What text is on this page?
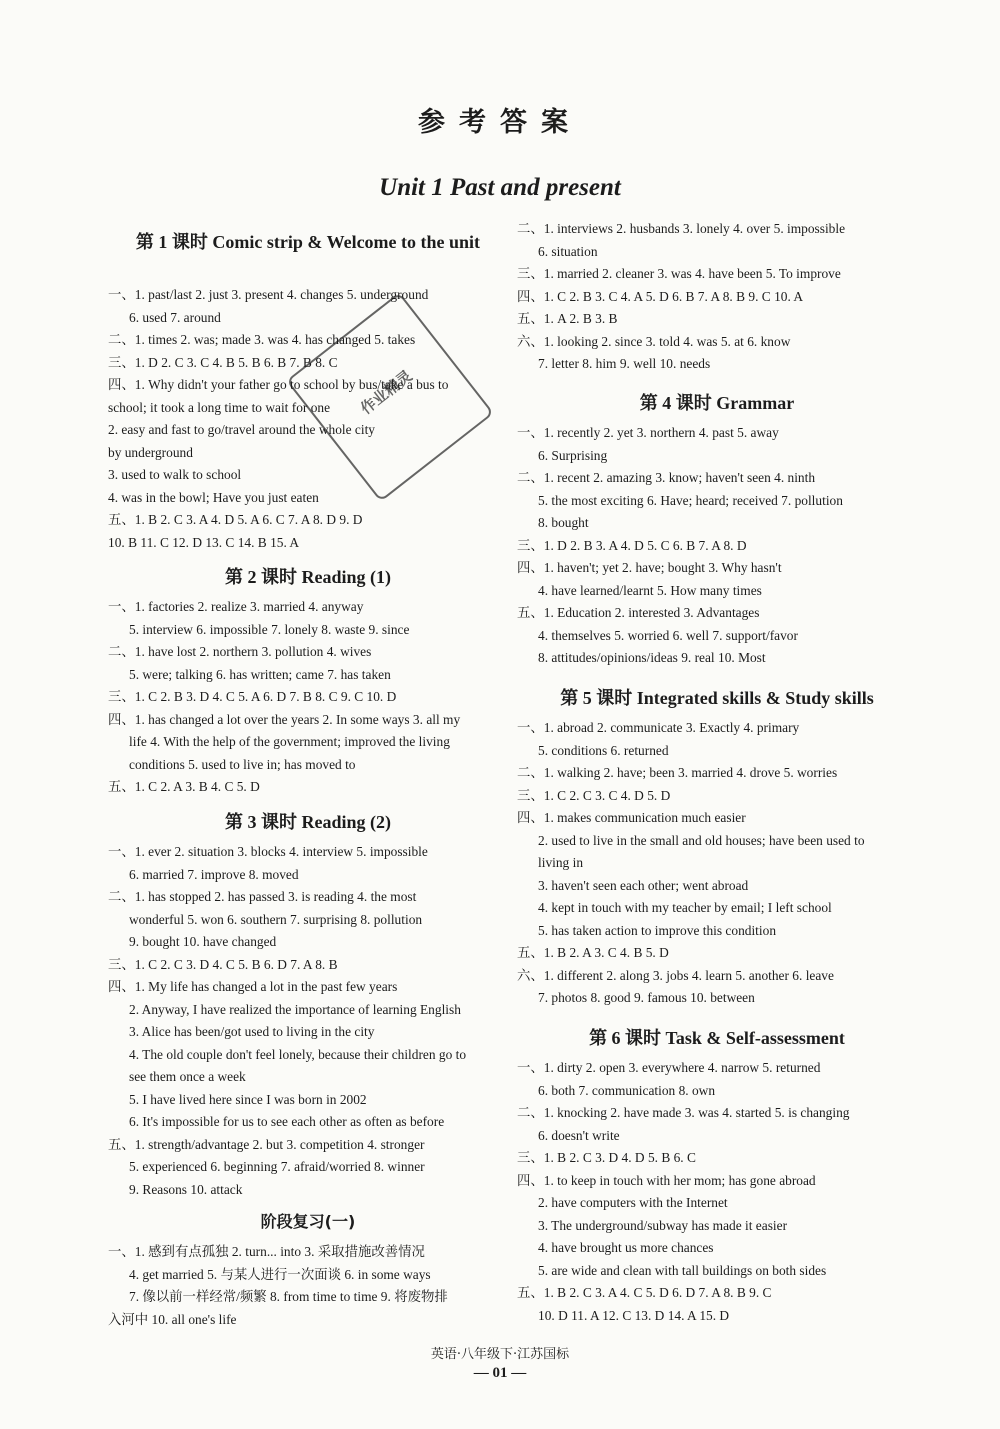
参考答案
Unit 1 Past and present
作业精灵
第 1 课时 Comic strip & Welcome to the unit
一、1. past/last 2. just 3. present 4. changes 5. underground
6. used 7. around
二、1. times 2. was; made 3. was 4. has changed 5. takes
三、1. D 2. C 3. C 4. B 5. B 6. B 7. B 8. C
四、1. Why didn't your father go to school by bus/take a bus to
school; it took a long time to wait for one
2. easy and fast to go/travel around the whole city
by underground
3. used to walk to school
4. was in the bowl; Have you just eaten
五、1. B 2. C 3. A 4. D 5. A 6. C 7. A 8. D 9. D
10. B 11. C 12. D 13. C 14. B 15. A
第 2 课时 Reading (1)
一、1. factories 2. realize 3. married 4. anyway
5. interview 6. impossible 7. lonely 8. waste 9. since
二、1. have lost 2. northern 3. pollution 4. wives
5. were; talking 6. has written; came 7. has taken
三、1. C 2. B 3. D 4. C 5. A 6. D 7. B 8. C 9. C 10. D
四、1. has changed a lot over the years 2. In some ways 3. all my
life 4. With the help of the government; improved the living
conditions 5. used to live in; has moved to
五、1. C 2. A 3. B 4. C 5. D
第 3 课时 Reading (2)
一、1. ever 2. situation 3. blocks 4. interview 5. impossible
6. married 7. improve 8. moved
二、1. has stopped 2. has passed 3. is reading 4. the most
wonderful 5. won 6. southern 7. surprising 8. pollution
9. bought 10. have changed
三、1. C 2. C 3. D 4. C 5. B 6. D 7. A 8. B
四、1. My life has changed a lot in the past few years
2. Anyway, I have realized the importance of learning English
3. Alice has been/got used to living in the city
4. The old couple don't feel lonely, because their children go to
see them once a week
5. I have lived here since I was born in 2002
6. It's impossible for us to see each other as often as before
五、1. strength/advantage 2. but 3. competition 4. stronger
5. experienced 6. beginning 7. afraid/worried 8. winner
9. Reasons 10. attack
阶段复习(一)
一、1. 感到有点孤独 2. turn... into 3. 采取措施改善情况
4. get married 5. 与某人进行一次面谈 6. in some ways
7. 像以前一样经常/频繁 8. from time to time 9. 将废物排
入河中 10. all one's life
二、1. interviews 2. husbands 3. lonely 4. over 5. impossible
6. situation
三、1. married 2. cleaner 3. was 4. have been 5. To improve
四、1. C 2. B 3. C 4. A 5. D 6. B 7. A 8. B 9. C 10. A
五、1. A 2. B 3. B
六、1. looking 2. since 3. told 4. was 5. at 6. know
7. letter 8. him 9. well 10. needs
第 4 课时 Grammar
一、1. recently 2. yet 3. northern 4. past 5. away
6. Surprising
二、1. recent 2. amazing 3. know; haven't seen 4. ninth
5. the most exciting 6. Have; heard; received 7. pollution
8. bought
三、1. D 2. B 3. A 4. D 5. C 6. B 7. A 8. D
四、1. haven't; yet 2. have; bought 3. Why hasn't
4. have learned/learnt 5. How many times
五、1. Education 2. interested 3. Advantages
4. themselves 5. worried 6. well 7. support/favor
8. attitudes/opinions/ideas 9. real 10. Most
第 5 课时 Integrated skills & Study skills
一、1. abroad 2. communicate 3. Exactly 4. primary
5. conditions 6. returned
二、1. walking 2. have; been 3. married 4. drove 5. worries
三、1. C 2. C 3. C 4. D 5. D
四、1. makes communication much easier
2. used to live in the small and old houses; have been used to
living in
3. haven't seen each other; went abroad
4. kept in touch with my teacher by email; I left school
5. has taken action to improve this condition
五、1. B 2. A 3. C 4. B 5. D
六、1. different 2. along 3. jobs 4. learn 5. another 6. leave
7. photos 8. good 9. famous 10. between
第 6 课时 Task & Self-assessment
一、1. dirty 2. open 3. everywhere 4. narrow 5. returned
6. both 7. communication 8. own
二、1. knocking 2. have made 3. was 4. started 5. is changing
6. doesn't write
三、1. B 2. C 3. D 4. D 5. B 6. C
四、1. to keep in touch with her mom; has gone abroad
2. have computers with the Internet
3. The underground/subway has made it easier
4. have brought us more chances
5. are wide and clean with tall buildings on both sides
五、1. B 2. C 3. A 4. C 5. D 6. D 7. A 8. B 9. C
10. D 11. A 12. C 13. D 14. A 15. D
英语·八年级下·江苏国标
— 01 —
